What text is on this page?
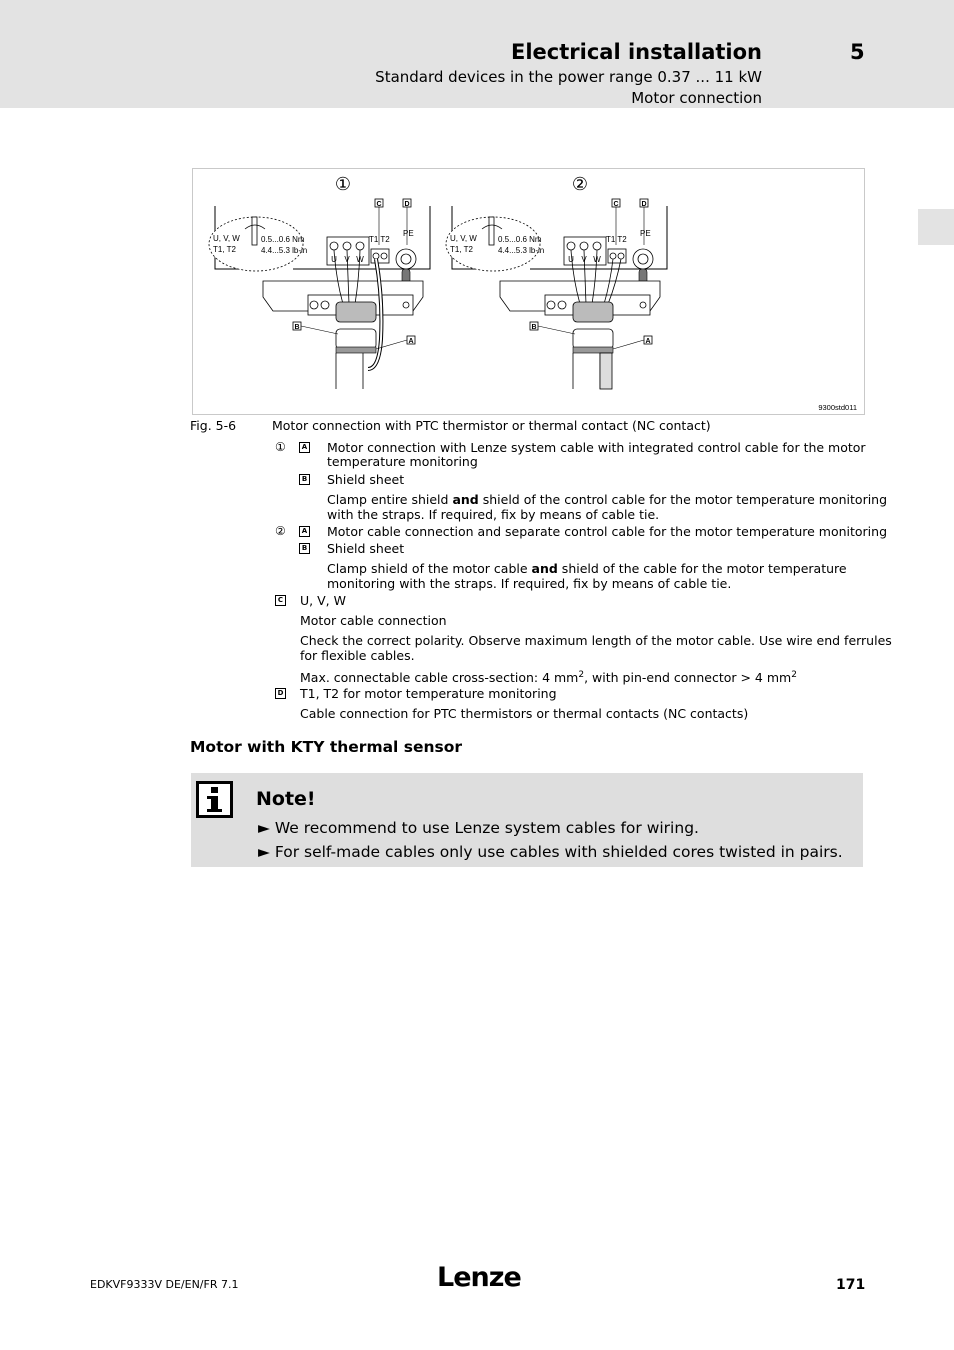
Electrical installation	5
Standard devices in the power range 0.37 ... 11 kW
Motor connection
①
U, V, W
T1, T2
0.5...0.6 Nm
4.4...5.3 lb-in
C	D
U V W
T1 T2
PE
B
A
②
U, V, W
T1, T2
0.5...0.6 Nm
4.4...5.3 lb-in
C	D
U V W
T1 T2
PE
B
A
9300std011
Fig. 5-6	Motor connection with PTC thermistor or thermal contact (NC contact)
①	A Motor connection with Lenze system cable with integrated control cable for the motor
temperature monitoring
B Shield sheet
Clamp entire shield and shield of the control cable for the motor temperature monitoring
with the straps. If required, fix by means of cable tie.
②	A Motor cable connection and separate control cable for the motor temperature monitoring
B Shield sheet
Clamp shield of the motor cable and shield of the cable for the motor temperature
monitoring with the straps. If required, fix by means of cable tie.
C U, V, W
Motor cable connection
Check the correct polarity. Observe maximum length of the motor cable. Use wire end ferrules
for flexible cables.
Max. connectable cable cross-section: 4 $mm^2$, with pin-end connector > 4 $mm^2$
D T1, T2 for motor temperature monitoring
Cable connection for PTC thermistors or thermal contacts (NC contacts)
Motor with KTY thermal sensor
Note!
► We recommend to use Lenze system cables for wiring.
► For self-made cables only use cables with shielded cores twisted in pairs.
EDKVF9333V DE/EN/FR 7.1	Lenze	171
